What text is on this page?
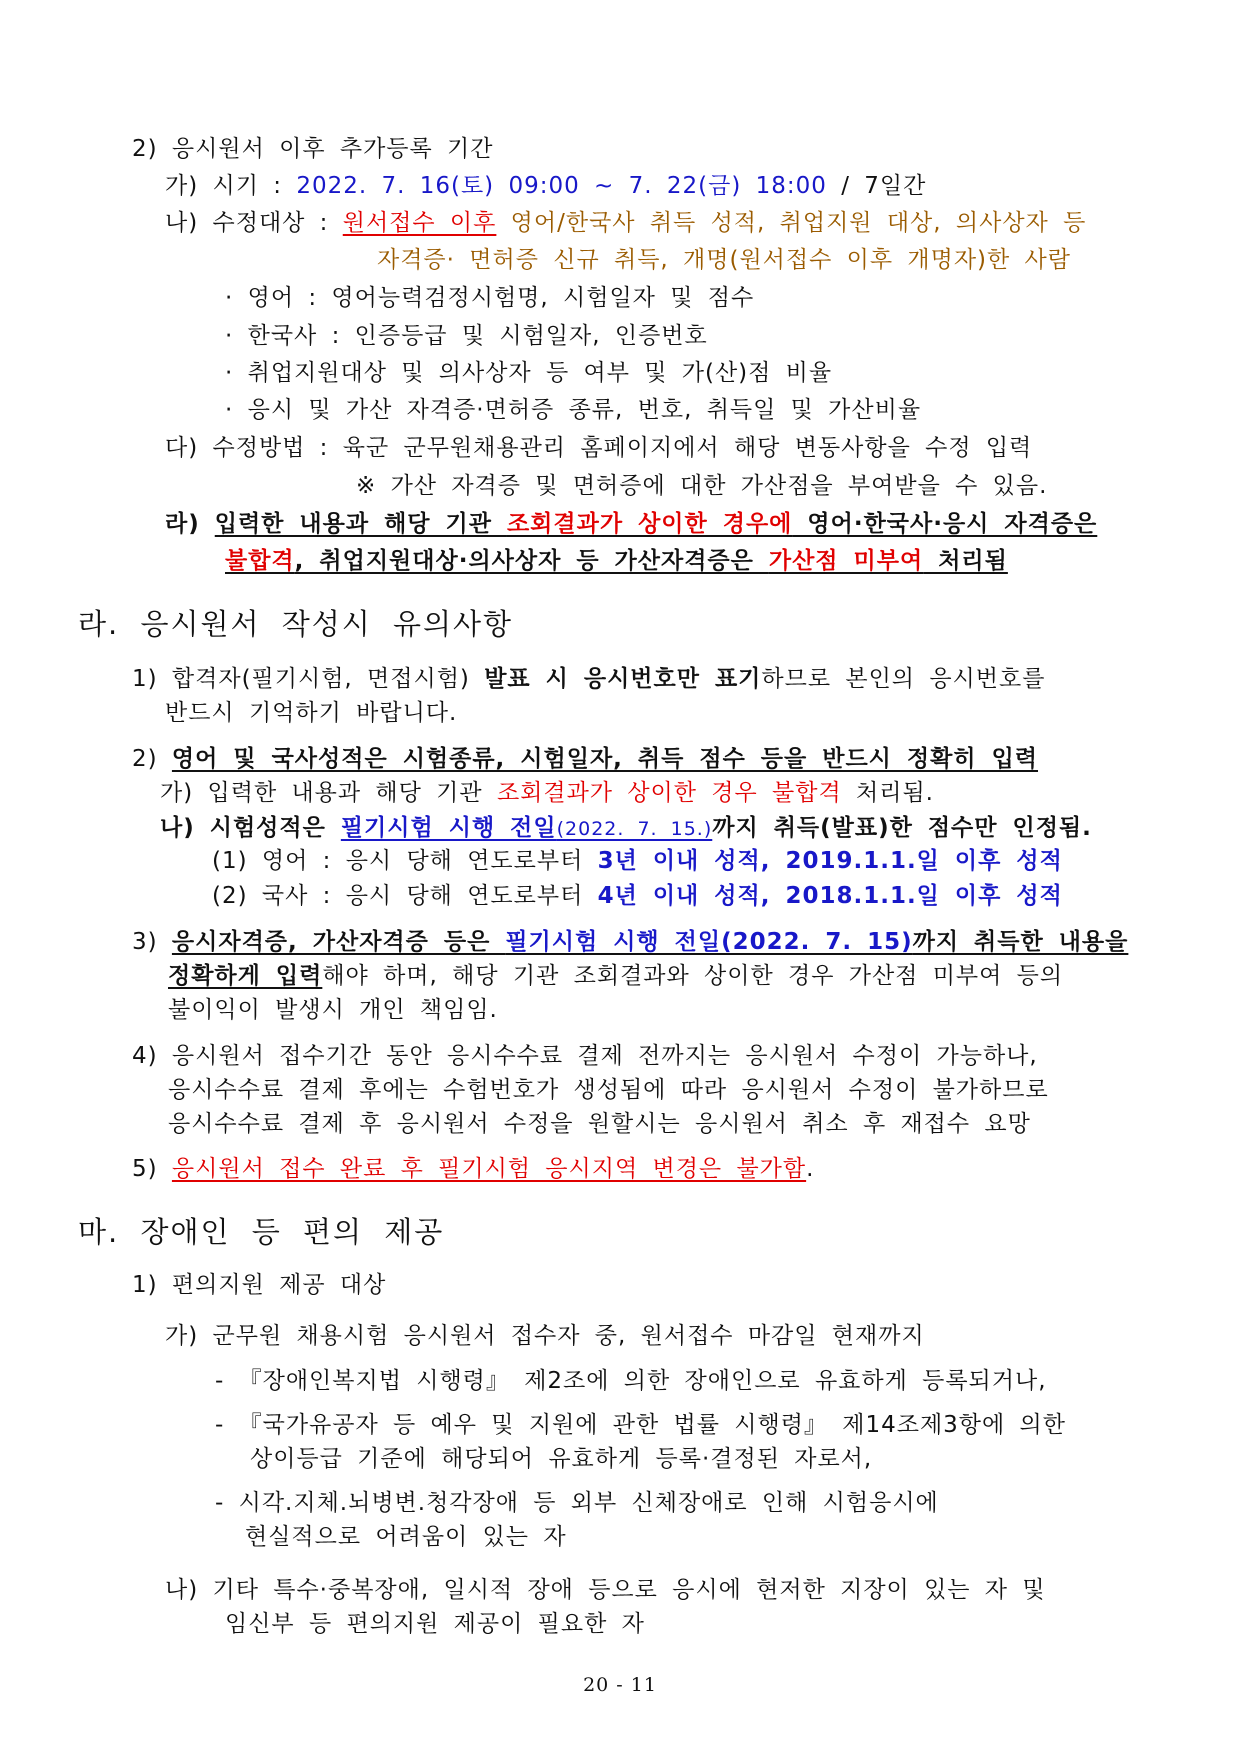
2) 응시원서 이후 추가등록 기간
가) 시기 : 2022. 7. 16(토) 09:00 ~ 7. 22(금) 18:00 / 7일간
나) 수정대상 : 원서접수 이후 영어/한국사 취득 성적, 취업지원 대상, 의사상자 등
자격증· 면허증 신규 취득, 개명(원서접수 이후 개명자)한 사람
· 영어 : 영어능력검정시험명, 시험일자 및 점수
· 한국사 : 인증등급 및 시험일자, 인증번호
· 취업지원대상 및 의사상자 등 여부 및 가(산)점 비율
· 응시 및 가산 자격증·면허증 종류, 번호, 취득일 및 가산비율
다) 수정방법 : 육군 군무원채용관리 홈페이지에서 해당 변동사항을 수정 입력
※ 가산 자격증 및 면허증에 대한 가산점을 부여받을 수 있음.
라) 입력한 내용과 해당 기관 조회결과가 상이한 경우에 영어·한국사·응시 자격증은
불합격, 취업지원대상·의사상자 등 가산자격증은 가산점 미부여 처리됨
라. 응시원서 작성시 유의사항
1) 합격자(필기시험, 면접시험) 발표 시 응시번호만 표기하므로 본인의 응시번호를
반드시 기억하기 바랍니다.
2) 영어 및 국사성적은 시험종류, 시험일자, 취득 점수 등을 반드시 정확히 입력
가) 입력한 내용과 해당 기관 조회결과가 상이한 경우 불합격 처리됨.
나) 시험성적은 필기시험 시행 전일(2022. 7. 15.)까지 취득(발표)한 점수만 인정됨.
(1) 영어 : 응시 당해 연도로부터 3년 이내 성적, 2019.1.1.일 이후 성적
(2) 국사 : 응시 당해 연도로부터 4년 이내 성적, 2018.1.1.일 이후 성적
3) 응시자격증, 가산자격증 등은 필기시험 시행 전일(2022. 7. 15)까지 취득한 내용을
정확하게 입력해야 하며, 해당 기관 조회결과와 상이한 경우 가산점 미부여 등의
불이익이 발생시 개인 책임임.
4) 응시원서 접수기간 동안 응시수수료 결제 전까지는 응시원서 수정이 가능하나,
응시수수료 결제 후에는 수험번호가 생성됨에 따라 응시원서 수정이 불가하므로
응시수수료 결제 후 응시원서 수정을 원할시는 응시원서 취소 후 재접수 요망
5) 응시원서 접수 완료 후 필기시험 응시지역 변경은 불가함.
마. 장애인 등 편의 제공
1) 편의지원 제공 대상
가) 군무원 채용시험 응시원서 접수자 중, 원서접수 마감일 현재까지
- 『장애인복지법 시행령』 제2조에 의한 장애인으로 유효하게 등록되거나,
- 『국가유공자 등 예우 및 지원에 관한 법률 시행령』 제14조제3항에 의한
상이등급 기준에 해당되어 유효하게 등록·결정된 자로서,
- 시각.지체.뇌병변.청각장애 등 외부 신체장애로 인해 시험응시에
현실적으로 어려움이 있는 자
나) 기타 특수·중복장애, 일시적 장애 등으로 응시에 현저한 지장이 있는 자 및
임신부 등 편의지원 제공이 필요한 자
20 - 11
